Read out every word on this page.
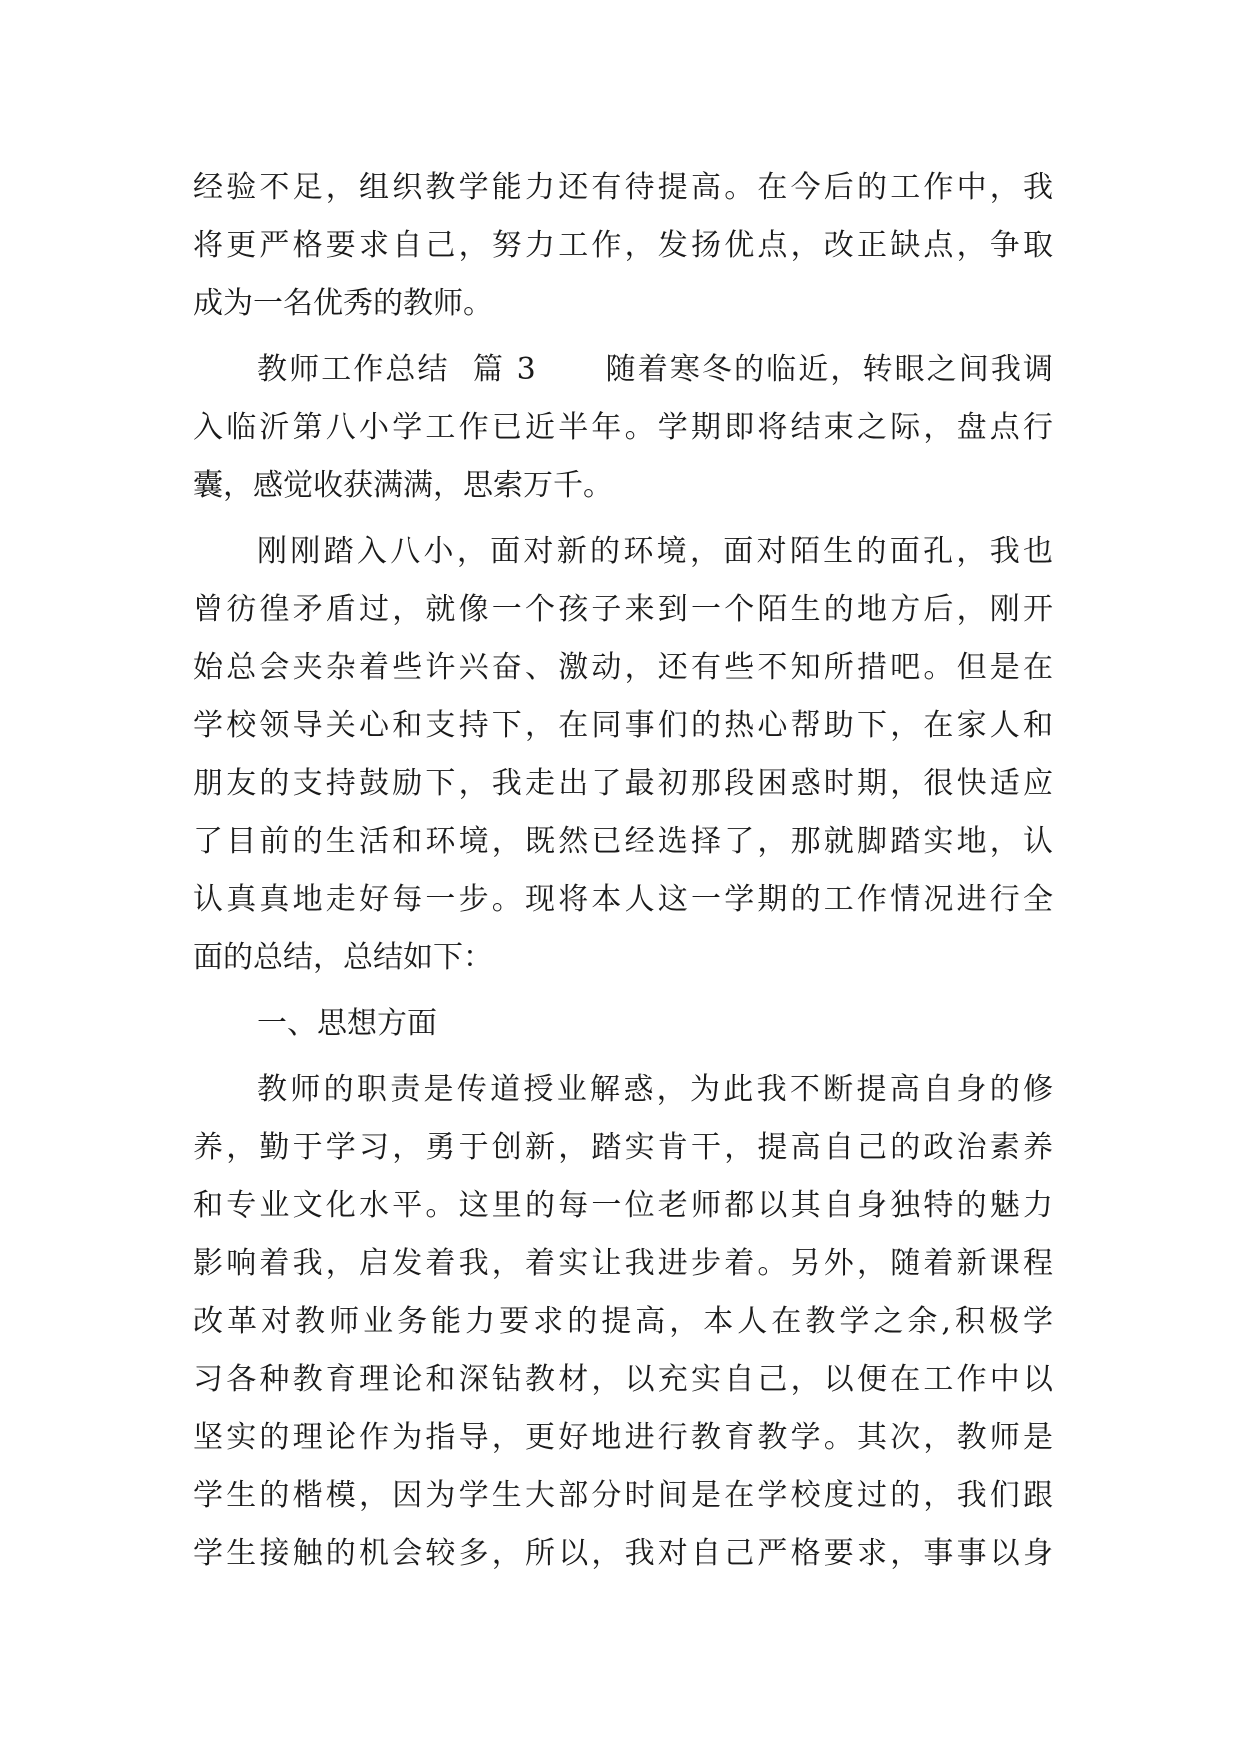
经验不足，组织教学能力还有待提高。在今后的工作中，我
将更严格要求自己，努力工作，发扬优点，改正缺点，争取
成为一名优秀的教师。
教师工作总结  篇 3      随着寒冬的临近，转眼之间我调
入临沂第八小学工作已近半年。学期即将结束之际，盘点行
囊，感觉收获满满，思索万千。
刚刚踏入八小，面对新的环境，面对陌生的面孔，我也
曾彷徨矛盾过，就像一个孩子来到一个陌生的地方后，刚开
始总会夹杂着些许兴奋、激动，还有些不知所措吧。但是在
学校领导关心和支持下，在同事们的热心帮助下，在家人和
朋友的支持鼓励下，我走出了最初那段困惑时期，很快适应
了目前的生活和环境，既然已经选择了，那就脚踏实地，认
认真真地走好每一步。现将本人这一学期的工作情况进行全
面的总结，总结如下：
一、思想方面
教师的职责是传道授业解惑，为此我不断提高自身的修
养，勤于学习，勇于创新，踏实肯干，提高自己的政治素养
和专业文化水平。这里的每一位老师都以其自身独特的魅力
影响着我，启发着我，着实让我进步着。另外，随着新课程
改革对教师业务能力要求的提高，本人在教学之余,积极学
习各种教育理论和深钻教材，以充实自己，以便在工作中以
坚实的理论作为指导，更好地进行教育教学。其次，教师是
学生的楷模，因为学生大部分时间是在学校度过的，我们跟
学生接触的机会较多，所以，我对自己严格要求，事事以身
